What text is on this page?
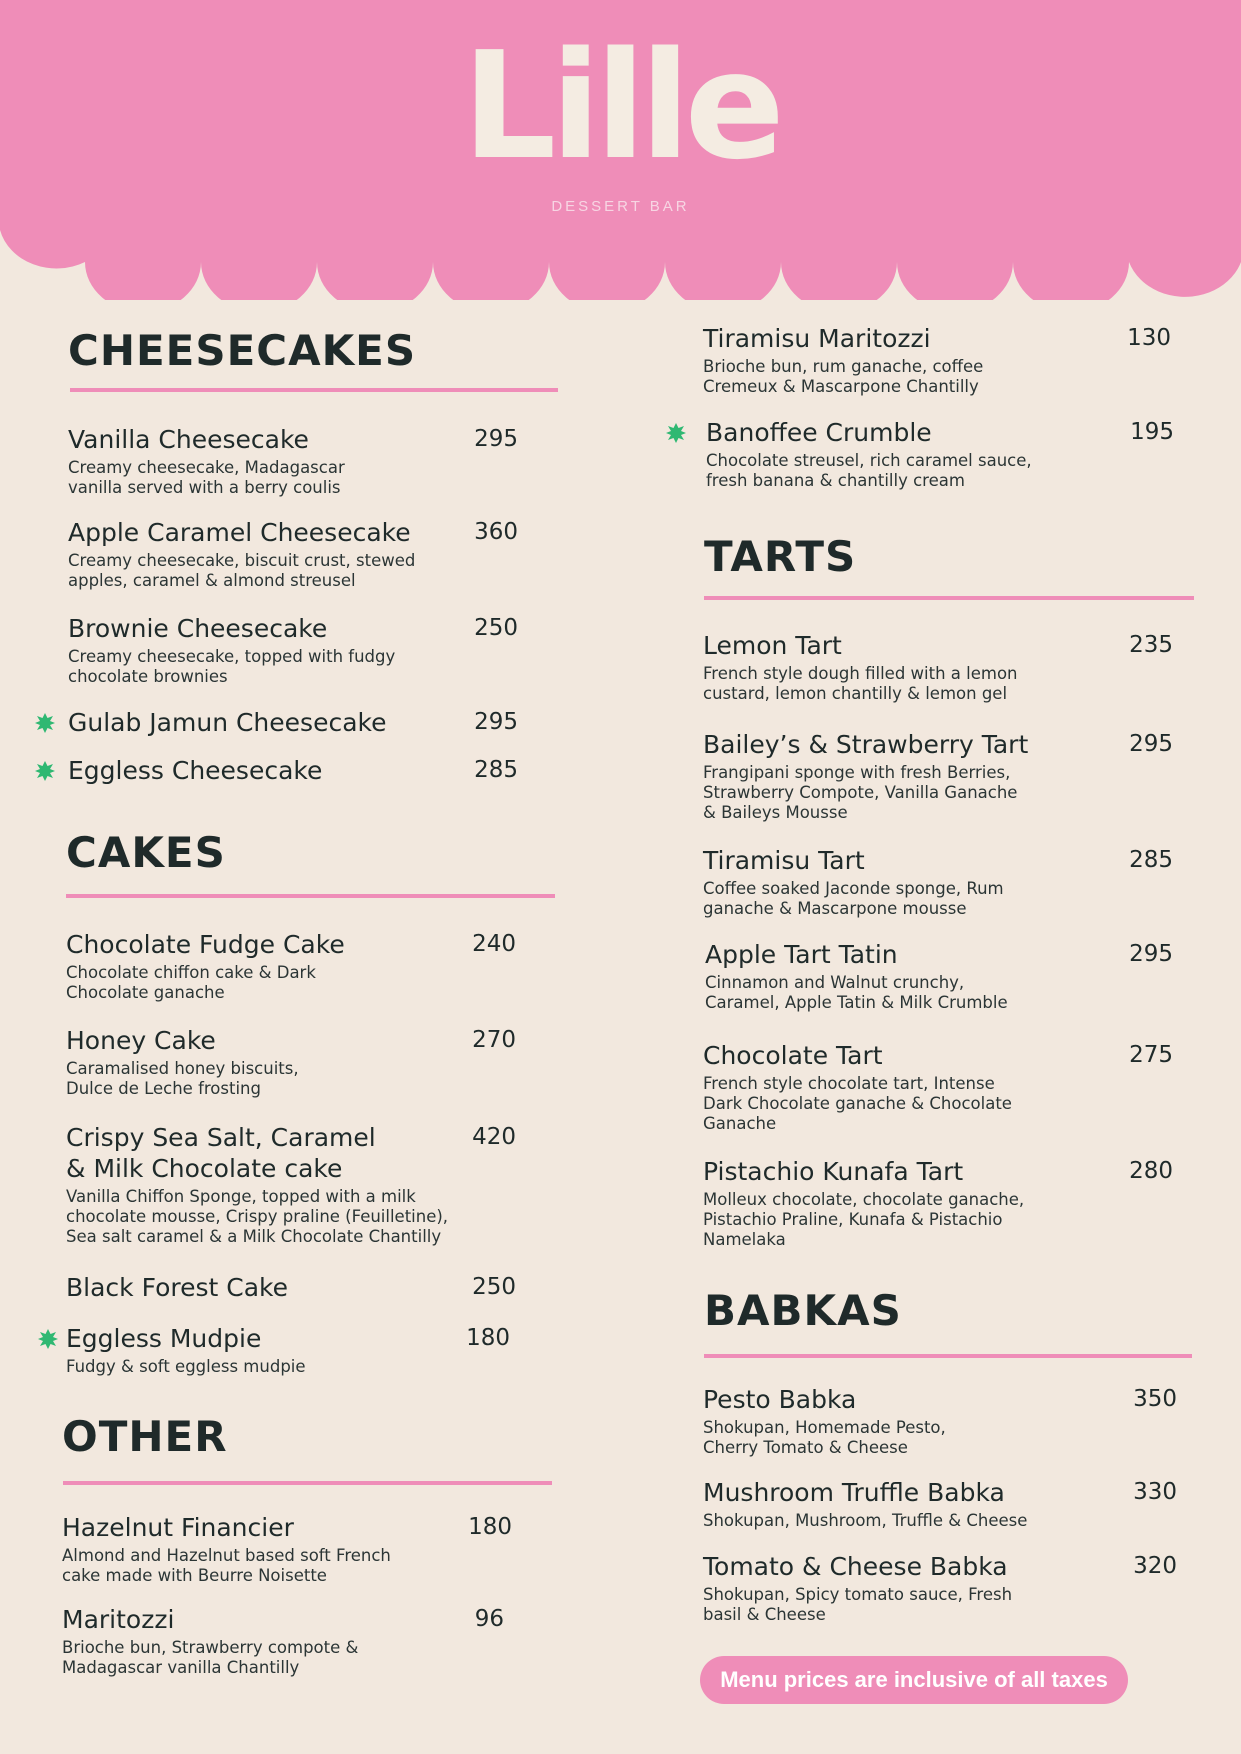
Lille
DESSERT BAR
CHEESECAKES
Vanilla Cheesecake	295
Creamy cheesecake, Madagascar vanilla served with a berry coulis
Apple Caramel Cheesecake	360
Creamy cheesecake, biscuit crust, stewed apples, caramel & almond streusel
Brownie Cheesecake	250
Creamy cheesecake, topped with fudgy chocolate brownies
Gulab Jamun Cheesecake	295
Eggless Cheesecake	285
CAKES
Chocolate Fudge Cake	240
Chocolate chiffon cake & Dark Chocolate ganache
Honey Cake	270
Caramalised honey biscuits, Dulce de Leche frosting
Crispy Sea Salt, Caramel & Milk Chocolate cake
420
Vanilla Chiffon Sponge, topped with a milk chocolate mousse, Crispy praline (Feuilletine), Sea salt caramel & a Milk Chocolate Chantilly
Black Forest Cake	250
Eggless Mudpie	180
Fudgy & soft eggless mudpie
OTHER
Hazelnut Financier	180
Almond and Hazelnut based soft French cake made with Beurre Noisette
Maritozzi	96
Brioche bun, Strawberry compote & Madagascar vanilla Chantilly
Tiramisu Maritozzi	130
Brioche bun, rum ganache, coffee Cremeux & Mascarpone Chantilly
Banoffee Crumble	195
Chocolate streusel, rich caramel sauce, fresh banana & chantilly cream
TARTS
Lemon Tart	235
French style dough filled with a lemon custard, lemon chantilly & lemon gel
Bailey’s & Strawberry Tart	295
Frangipani sponge with fresh Berries, Strawberry Compote, Vanilla Ganache & Baileys Mousse
Tiramisu Tart	285
Coffee soaked Jaconde sponge, Rum ganache & Mascarpone mousse
Apple Tart Tatin	295
Cinnamon and Walnut crunchy, Caramel, Apple Tatin & Milk Crumble
Chocolate Tart	275
French style chocolate tart, Intense Dark Chocolate ganache & Chocolate Ganache
Pistachio Kunafa Tart	280
Molleux chocolate, chocolate ganache, Pistachio Praline, Kunafa & Pistachio Namelaka
BABKAS
Pesto Babka	350
Shokupan, Homemade Pesto, Cherry Tomato & Cheese
Mushroom Truffle Babka	330
Shokupan, Mushroom, Truffle & Cheese
Tomato & Cheese Babka	320
Shokupan, Spicy tomato sauce, Fresh basil & Cheese
Menu prices are inclusive of all taxes
